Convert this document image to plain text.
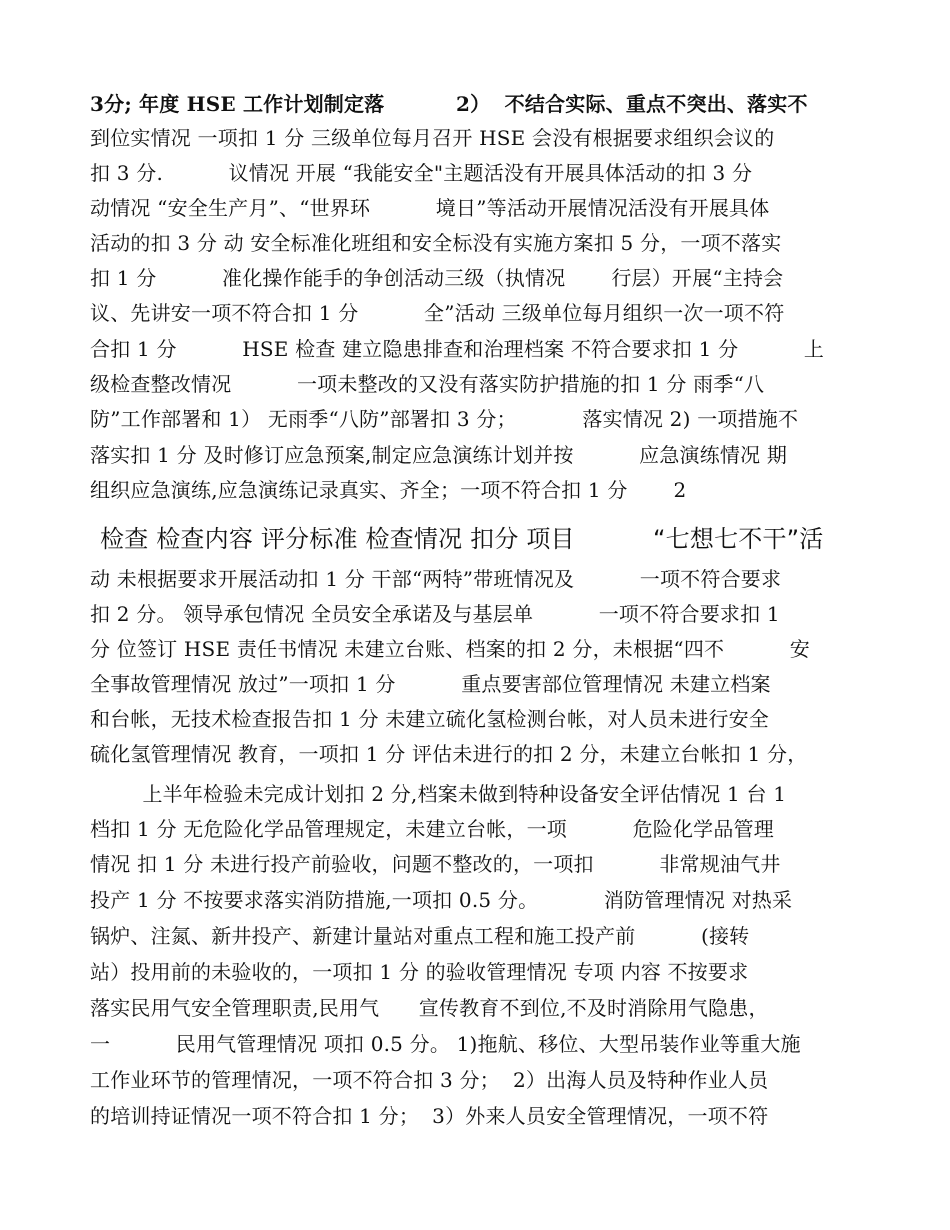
3分; 年度 HSE 工作计划制定落          2）  不结合实际、重点不突出、落实不
到位实情况 一项扣 1 分 三级单位每月召开 HSE 会没有根据要求组织会议的
扣 3 分.          议情况 开展 “我能安全"主题活没有开展具体活动的扣 3 分
动情况 “安全生产月”、“世界环          境日”等活动开展情况活没有开展具体
活动的扣 3 分 动 安全标准化班组和安全标没有实施方案扣 5 分，一项不落实
扣 1 分          准化操作能手的争创活动三级（执情况       行层）开展“主持会
议、先讲安一项不符合扣 1 分          全”活动 三级单位每月组织一次一项不符
合扣 1 分          HSE 检查 建立隐患排查和治理档案 不符合要求扣 1 分          上
级检查整改情况          一项未整改的又没有落实防护措施的扣 1 分 雨季“八
防”工作部署和 1） 无雨季“八防”部署扣 3 分；          落实情况 2) 一项措施不
落实扣 1 分 及时修订应急预案,制定应急演练计划并按          应急演练情况 期
组织应急演练,应急演练记录真实、齐全；一项不符合扣 1 分       2
检查 检查内容 评分标准 检查情况 扣分 项目          “七想七不干”活
动 未根据要求开展活动扣 1 分 干部“两特”带班情况及          一项不符合要求
扣 2 分。 领导承包情况 全员安全承诺及与基层单          一项不符合要求扣 1
分 位签订 HSE 责任书情况 未建立台账、档案的扣 2 分，未根据“四不          安
全事故管理情况 放过”一项扣 1 分          重点要害部位管理情况 未建立档案
和台帐，无技术检查报告扣 1 分 未建立硫化氢检测台帐，对人员未进行安全
硫化氢管理情况 教育，一项扣 1 分 评估未进行的扣 2 分，未建立台帐扣 1 分，
上半年检验未完成计划扣 2 分,档案未做到特种设备安全评估情况 1 台 1
档扣 1 分 无危险化学品管理规定，未建立台帐，一项          危险化学品管理
情况 扣 1 分 未进行投产前验收，问题不整改的，一项扣          非常规油气井
投产 1 分 不按要求落实消防措施,一项扣 0.5 分。          消防管理情况 对热采
锅炉、注氮、新井投产、新建计量站对重点工程和施工投产前          (接转
站）投用前的未验收的，一项扣 1 分 的验收管理情况 专项 内容 不按要求
落实民用气安全管理职责,民用气      宣传教育不到位,不及时消除用气隐患，
一          民用气管理情况 项扣 0.5 分。 1)拖航、移位、大型吊装作业等重大施
工作业环节的管理情况，一项不符合扣 3 分；  2）出海人员及特种作业人员
的培训持证情况一项不符合扣 1 分；  3）外来人员安全管理情况，一项不符
